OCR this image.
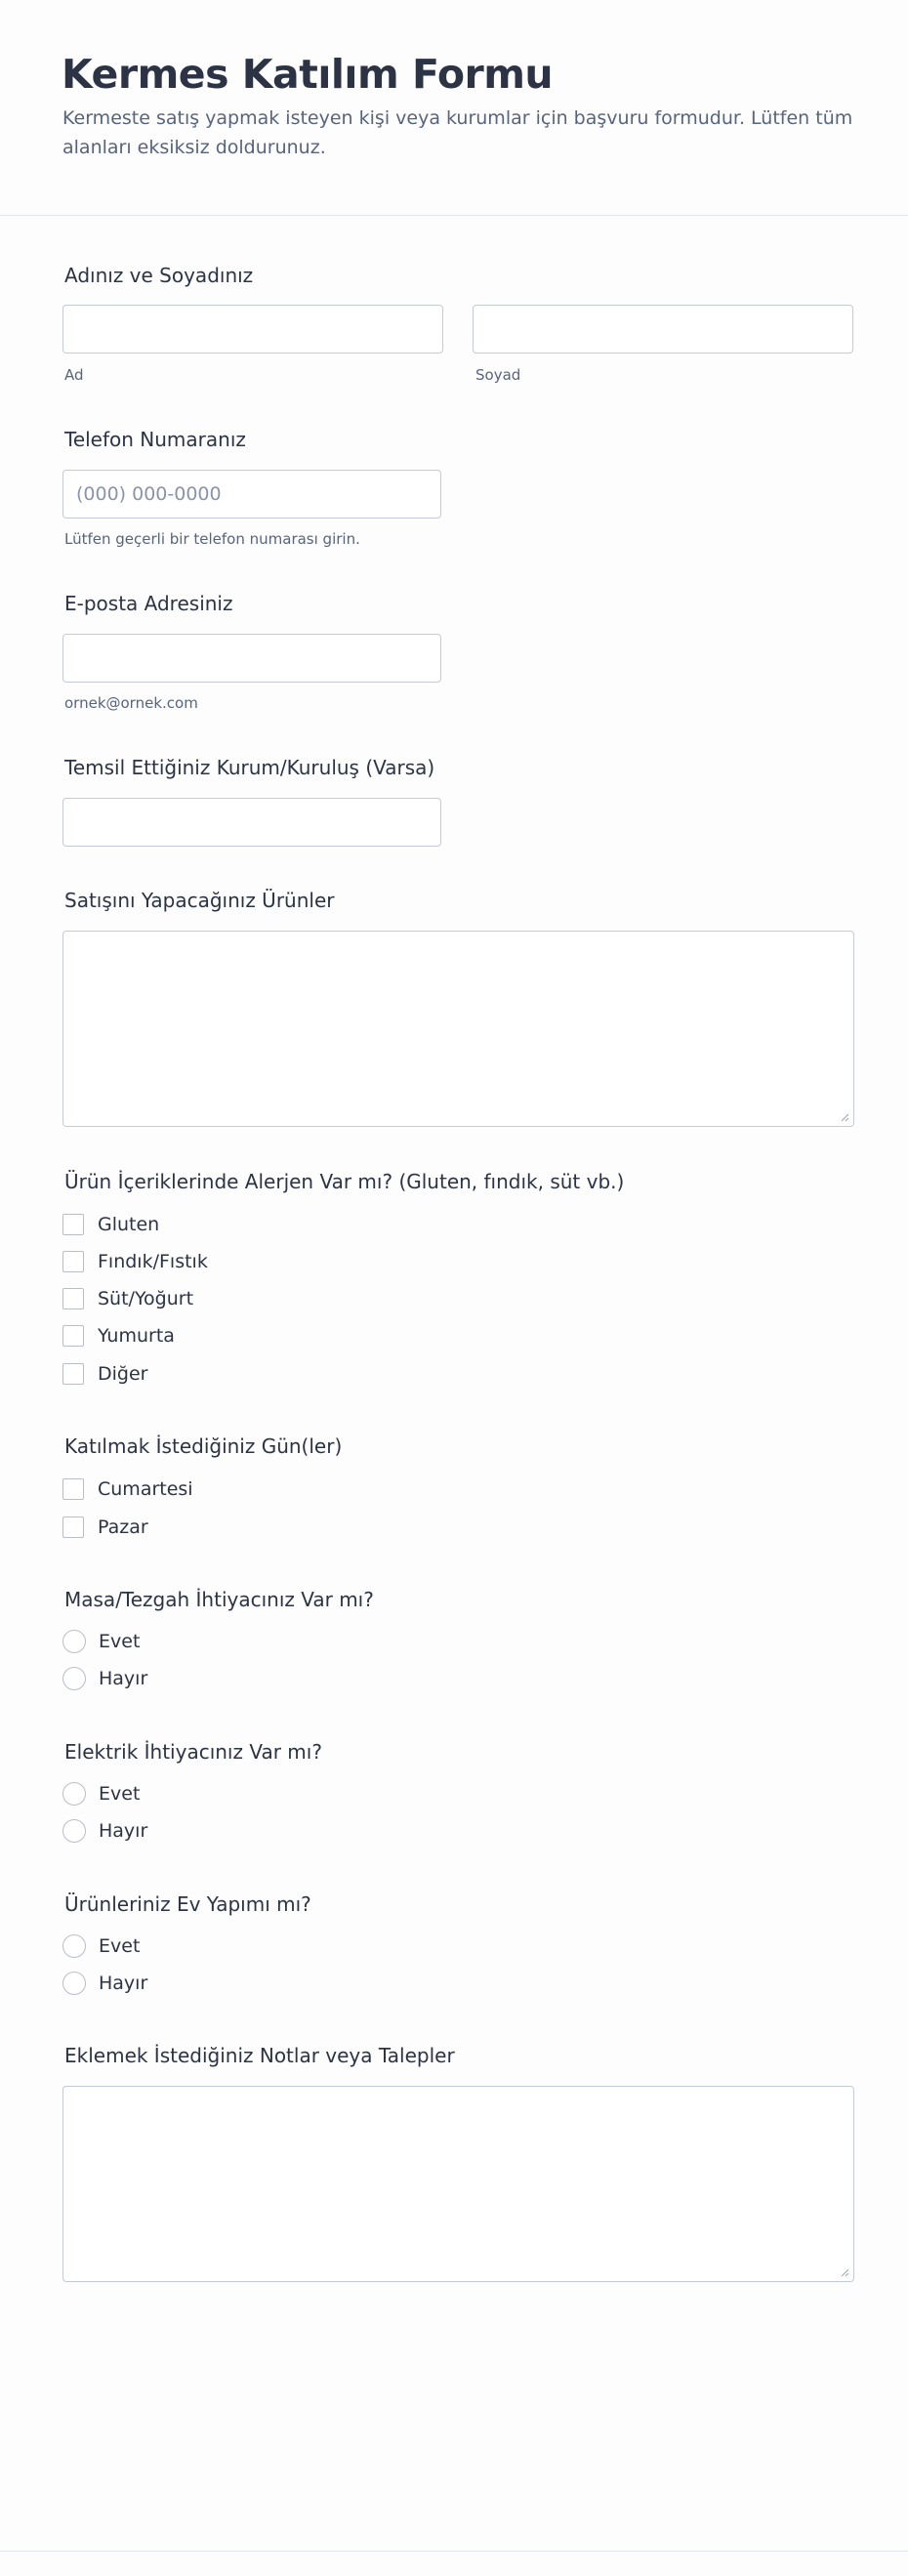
Kermes Katılım Formu

Kermeste satış yapmak isteyen kişi veya kurumlar için başvuru formudur. Lütfen tüm alanları eksiksiz doldurunuz.

Adınız ve Soyadınız
Ad	Soyad
Telefon Numaranız
(000) 000-0000
Lütfen geçerli bir telefon numarası girin.
E-posta Adresiniz
ornek@ornek.com
Temsil Ettiğiniz Kurum/Kuruluş (Varsa)
Satışını Yapacağınız Ürünler
Ürün İçeriklerinde Alerjen Var mı? (Gluten, fındık, süt vb.)
Gluten
Fındık/Fıstık
Süt/Yoğurt
Yumurta
Diğer
Katılmak İstediğiniz Gün(ler)
Cumartesi
Pazar
Masa/Tezgah İhtiyacınız Var mı?
Evet
Hayır
Elektrik İhtiyacınız Var mı?
Evet
Hayır
Ürünleriniz Ev Yapımı mı?
Evet
Hayır
Eklemek İstediğiniz Notlar veya Talepler
